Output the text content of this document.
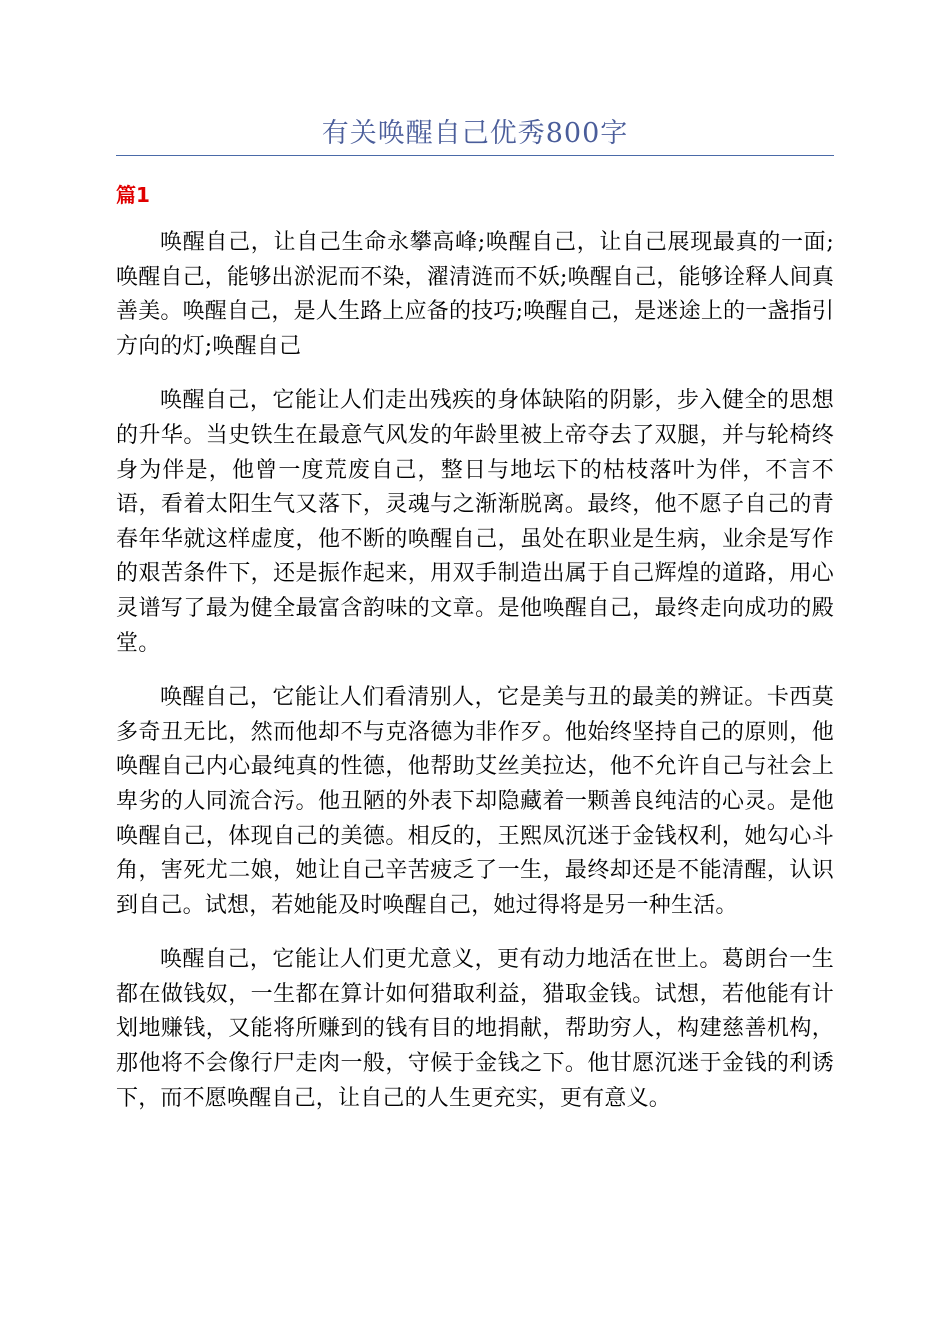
有关唤醒自己优秀800字
篇1

唤醒自己，让自己生命永攀高峰;唤醒自己，让自己展现最真的一面;唤醒自己，能够出淤泥而不染，濯清涟而不妖;唤醒自己，能够诠释人间真善美。唤醒自己，是人生路上应备的技巧;唤醒自己，是迷途上的一盏指引方向的灯;唤醒自己

唤醒自己，它能让人们走出残疾的身体缺陷的阴影，步入健全的思想的升华。当史铁生在最意气风发的年龄里被上帝夺去了双腿，并与轮椅终身为伴是，他曾一度荒废自己，整日与地坛下的枯枝落叶为伴，不言不语，看着太阳生气又落下，灵魂与之渐渐脱离。最终，他不愿子自己的青春年华就这样虚度，他不断的唤醒自己，虽处在职业是生病，业余是写作的艰苦条件下，还是振作起来，用双手制造出属于自己辉煌的道路，用心灵谱写了最为健全最富含韵味的文章。是他唤醒自己，最终走向成功的殿堂。

唤醒自己，它能让人们看清别人，它是美与丑的最美的辨证。卡西莫多奇丑无比，然而他却不与克洛德为非作歹。他始终坚持自己的原则，他唤醒自己内心最纯真的性德，他帮助艾丝美拉达，他不允许自己与社会上卑劣的人同流合污。他丑陋的外表下却隐藏着一颗善良纯洁的心灵。是他唤醒自己，体现自己的美德。相反的，王熙凤沉迷于金钱权利，她勾心斗角，害死尤二娘，她让自己辛苦疲乏了一生，最终却还是不能清醒，认识到自己。试想，若她能及时唤醒自己，她过得将是另一种生活。

唤醒自己，它能让人们更尤意义，更有动力地活在世上。葛朗台一生都在做钱奴，一生都在算计如何猎取利益，猎取金钱。试想，若他能有计划地赚钱，又能将所赚到的钱有目的地捐献，帮助穷人，构建慈善机构，那他将不会像行尸走肉一般，守候于金钱之下。他甘愿沉迷于金钱的利诱下，而不愿唤醒自己，让自己的人生更充实，更有意义。
